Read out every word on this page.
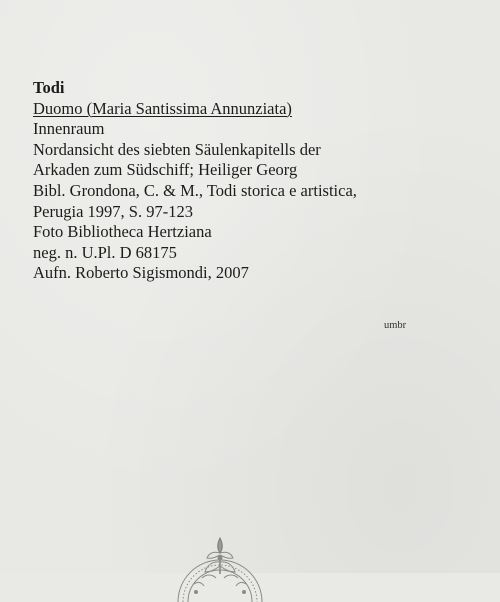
Todi
Duomo (Maria Santissima Annunziata)
Innenraum
Nordansicht des siebten Säulenkapitells der
Arkaden zum Südschiff; Heiliger Georg
Bibl. Grondona, C. & M., Todi storica e artistica,
Perugia 1997, S. 97-123
Foto Bibliotheca Hertziana
neg. n. U.Pl. D 68175
Aufn. Roberto Sigismondi, 2007
umbr
